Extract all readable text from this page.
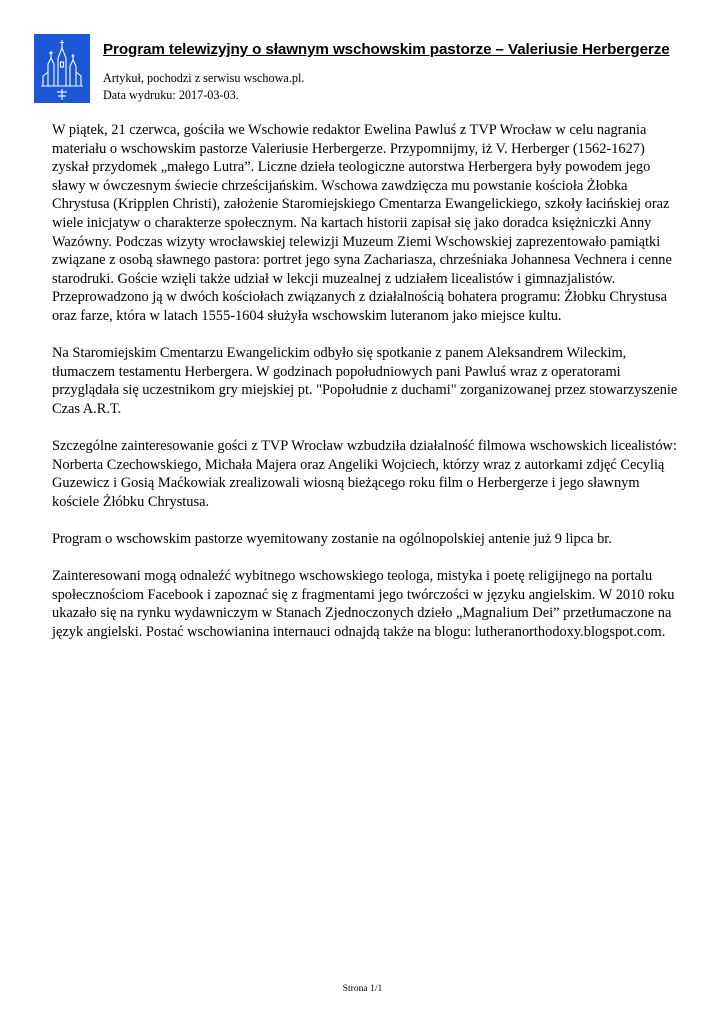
Program telewizyjny o sławnym wschowskim pastorze – Valeriusie Herbergerze
Artykuł, pochodzi z serwisu wschowa.pl.
Data wydruku: 2017-03-03.

W piątek, 21 czerwca, gościła we Wschowie redaktor Ewelina Pawluś z TVP Wrocław w celu nagrania materiału o wschowskim pastorze Valeriusie Herbergerze. Przypomnijmy, iż V. Herberger (1562-1627) zyskał przydomek „małego Lutra”. Liczne dzieła teologiczne autorstwa Herbergera były powodem jego sławy w ówczesnym świecie chrześcijańskim. Wschowa zawdzięcza mu powstanie kościoła Żłobka Chrystusa (Kripplen Christi), założenie Staromiejskiego Cmentarza Ewangelickiego, szkoły łacińskiej oraz wiele inicjatyw o charakterze społecznym. Na kartach historii zapisał się jako doradca księżniczki Anny Wazówny. Podczas wizyty wrocławskiej telewizji Muzeum Ziemi Wschowskiej zaprezentowało pamiątki związane z osobą sławnego pastora: portret jego syna Zachariasza, chrześniaka Johannesa Vechnera i cenne starodruki. Goście wzięli także udział w lekcji muzealnej z udziałem licealistów i gimnazjalistów. Przeprowadzono ją w dwóch kościołach związanych z działalnością bohatera programu: Żłobku Chrystusa oraz farze, która w latach 1555-1604 służyła wschowskim luteranom jako miejsce kultu.

Na Staromiejskim Cmentarzu Ewangelickim odbyło się spotkanie z panem Aleksandrem Wileckim, tłumaczem testamentu Herbergera. W godzinach popołudniowych pani Pawluś wraz z operatorami przyglądała się uczestnikom gry miejskiej pt. "Popołudnie z duchami" zorganizowanej przez stowarzyszenie Czas A.R.T.

Szczególne zainteresowanie gości z TVP Wrocław wzbudziła działalność filmowa wschowskich licealistów: Norberta Czechowskiego, Michała Majera oraz Angeliki Wojciech, którzy wraz z autorkami zdjęć Cecylią Guzewicz i Gosią Maćkowiak zrealizowali wiosną bieżącego roku film o Herbergerze i jego sławnym kościele Żłóbku Chrystusa.

Program o wschowskim pastorze wyemitowany zostanie na ogólnopolskiej antenie już 9 lipca br.

Zainteresowani mogą odnaleźć wybitnego wschowskiego teologa, mistyka i poetę religijnego na portalu społecznościom Facebook i zapoznać się z fragmentami jego twórczości w języku angielskim. W 2010 roku ukazało się na rynku wydawniczym w Stanach Zjednoczonych dzieło „Magnalium Dei” przetłumaczone na język angielski. Postać wschowianina internauci odnajdą także na blogu: lutheranorthodoxy.blogspot.com.

Strona 1/1
